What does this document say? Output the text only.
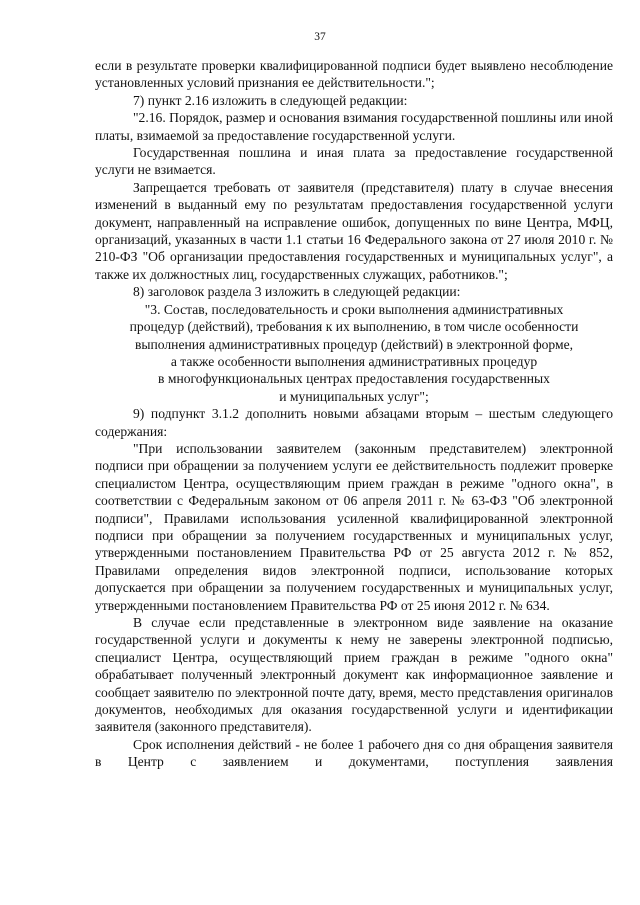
37

если в результате проверки квалифицированной подписи будет выявлено несоблюдение установленных условий признания ее действительности.";

7) пункт 2.16 изложить в следующей редакции:

"2.16. Порядок, размер и основания взимания государственной пошлины или иной платы, взимаемой за предоставление государственной услуги.

Государственная пошлина и иная плата за предоставление государственной услуги не взимается.

Запрещается требовать от заявителя (представителя) плату в случае внесения изменений в выданный ему по результатам предоставления государственной услуги документ, направленный на исправление ошибок, допущенных по вине Центра, МФЦ, организаций, указанных в части 1.1 статьи 16 Федерального закона от 27 июля 2010 г. № 210-ФЗ "Об организации предоставления государственных и муниципальных услуг", а также их должностных лиц, государственных служащих, работников.";

8) заголовок раздела 3 изложить в следующей редакции:

"3. Состав, последовательность и сроки выполнения административных
процедур (действий), требования к их выполнению, в том числе особенности
выполнения административных процедур (действий) в электронной форме,
а также особенности выполнения административных процедур
в многофункциональных центрах предоставления государственных
и муниципальных услуг";

9) подпункт 3.1.2 дополнить новыми абзацами вторым – шестым следующего содержания:

"При использовании заявителем (законным представителем) электронной подписи при обращении за получением услуги ее действительность подлежит проверке специалистом Центра, осуществляющим прием граждан в режиме "одного окна", в соответствии с Федеральным законом от 06 апреля 2011 г. № 63-ФЗ "Об электронной подписи", Правилами использования усиленной квалифицированной электронной подписи при обращении за получением государственных и муниципальных услуг, утвержденными постановлением Правительства РФ от 25 августа 2012 г. № 852, Правилами определения видов электронной подписи, использование которых допускается при обращении за получением государственных и муниципальных услуг, утвержденными постановлением Правительства РФ от 25 июня 2012 г. № 634.

В случае если представленные в электронном виде заявление на оказание государственной услуги и документы к нему не заверены электронной подписью, специалист Центра, осуществляющий прием граждан в режиме "одного окна" обрабатывает полученный электронный документ как информационное заявление и сообщает заявителю по электронной почте дату, время, место представления оригиналов документов, необходимых для оказания государственной услуги и идентификации заявителя (законного представителя).

Срок исполнения действий - не более 1 рабочего дня со дня обращения заявителя в Центр с заявлением и документами, поступления заявления
